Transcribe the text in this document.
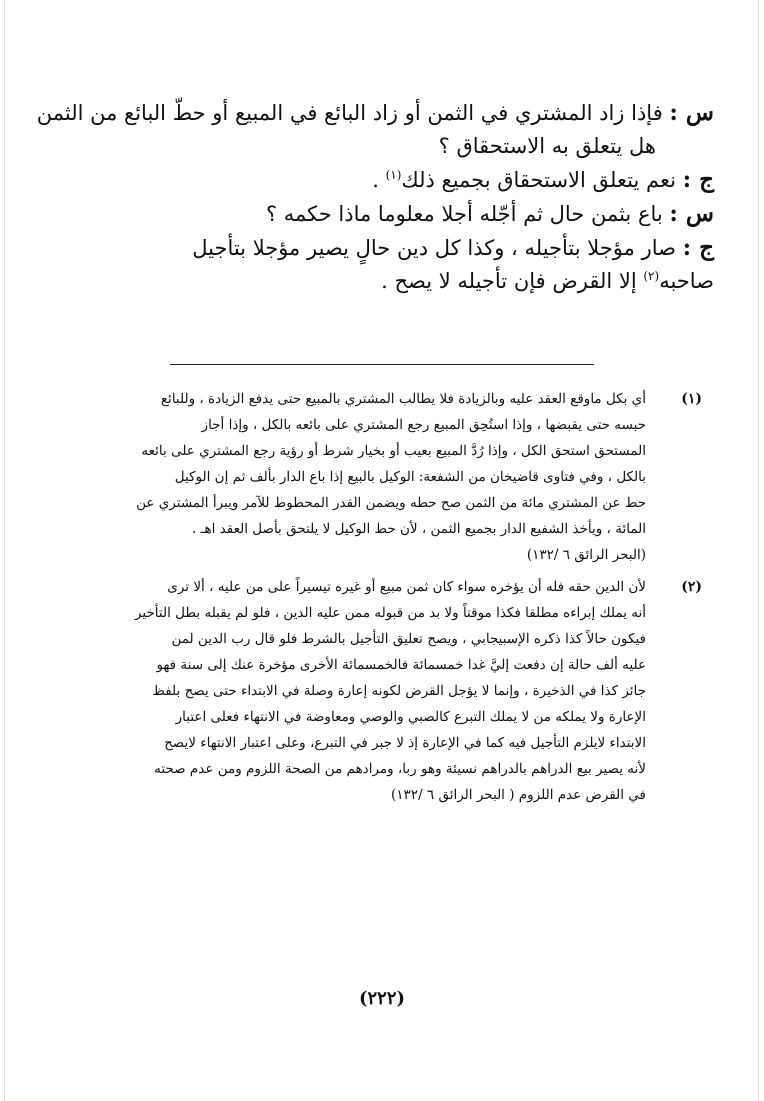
س : فإذا زاد المشتري في الثمن أو زاد البائع في المبيع أو حطّ البائع من الثمن
هل يتعلق به الاستحقاق ؟
ج : نعم يتعلق الاستحقاق بجميع ذلك$^{(١)}$ .
س : باع بثمن حال ثم أجّله أجلا معلوما ماذا حكمه ؟
ج : صار مؤجلا بتأجيله ، وكذا كل دين حالٍ يصير مؤجلا بتأجيل
صاحبه$^{(٢)}$ إلا القرض فإن تأجيله لا يصح .
(١)
أي بكل ماوقع العقد عليه وبالزيادة فلا يطالب المشتري بالمبيع حتى يدفع الزيادة ، وللبائع
حبسه حتى يقبضها ، وإذا استُحِق المبيع رجع المشتري على بائعه بالكل ، وإذا أجاز
المستحق استحق الكل ، وإذا رُدَّ المبيع بعيب أو بخيار شرط أو رؤية رجع المشتري على بائعه
بالكل ، وفي فتاوى قاضيخان من الشفعة: الوكيل بالبيع إذا باع الدار بألف ثم إن الوكيل
حط عن المشتري مائة من الثمن صح حطه ويضمن القدر المحطوط للآمر ويبرأ المشتري عن
المائة ، ويأخذ الشفيع الدار بجميع الثمن ، لأن حط الوكيل لا يلتحق بأصل العقد اهـ .
(البحر الرائق ٦ /١٣٢)
(٢)
لأن الدين حقه فله أن يؤخره سواء كان ثمن مبيع أو غيره تيسيراً على من عليه ، ألا ترى
أنه يملك إبراءه مطلقا فكذا موقتاً ولا بد من قبوله ممن عليه الدين ، فلو لم يقبله بطل التأخير
فيكون حالاً كذا ذكره الإسبيجابي ، ويصح تعليق التأجيل بالشرط فلو قال رب الدين لمن
عليه ألف حالة إن دفعت إليَّ غدا خمسمائة فالخمسمائة الأخرى مؤخرة عنك إلى سنة فهو
جائز كذا في الذخيرة ، وإنما لا يؤجل القرض لكونه إعارة وصلة في الابتداء حتى يصح بلفظ
الإعارة ولا يملكه من لا يملك التبرع كالصبي والوصي ومعاوضة في الانتهاء فعلى اعتبار
الابتداء لايلزم التأجيل فيه كما في الإعارة إذ لا جبر في التبرع، وعلى اعتبار الانتهاء لايصح
لأنه يصير بيع الدراهم بالدراهم نسيئة وهو ربا، ومرادهم من الصحة اللزوم ومن عدم صحته
في القرض عدم اللزوم ( البحر الرائق ٦ /١٣٢)
(٢٢٢)
